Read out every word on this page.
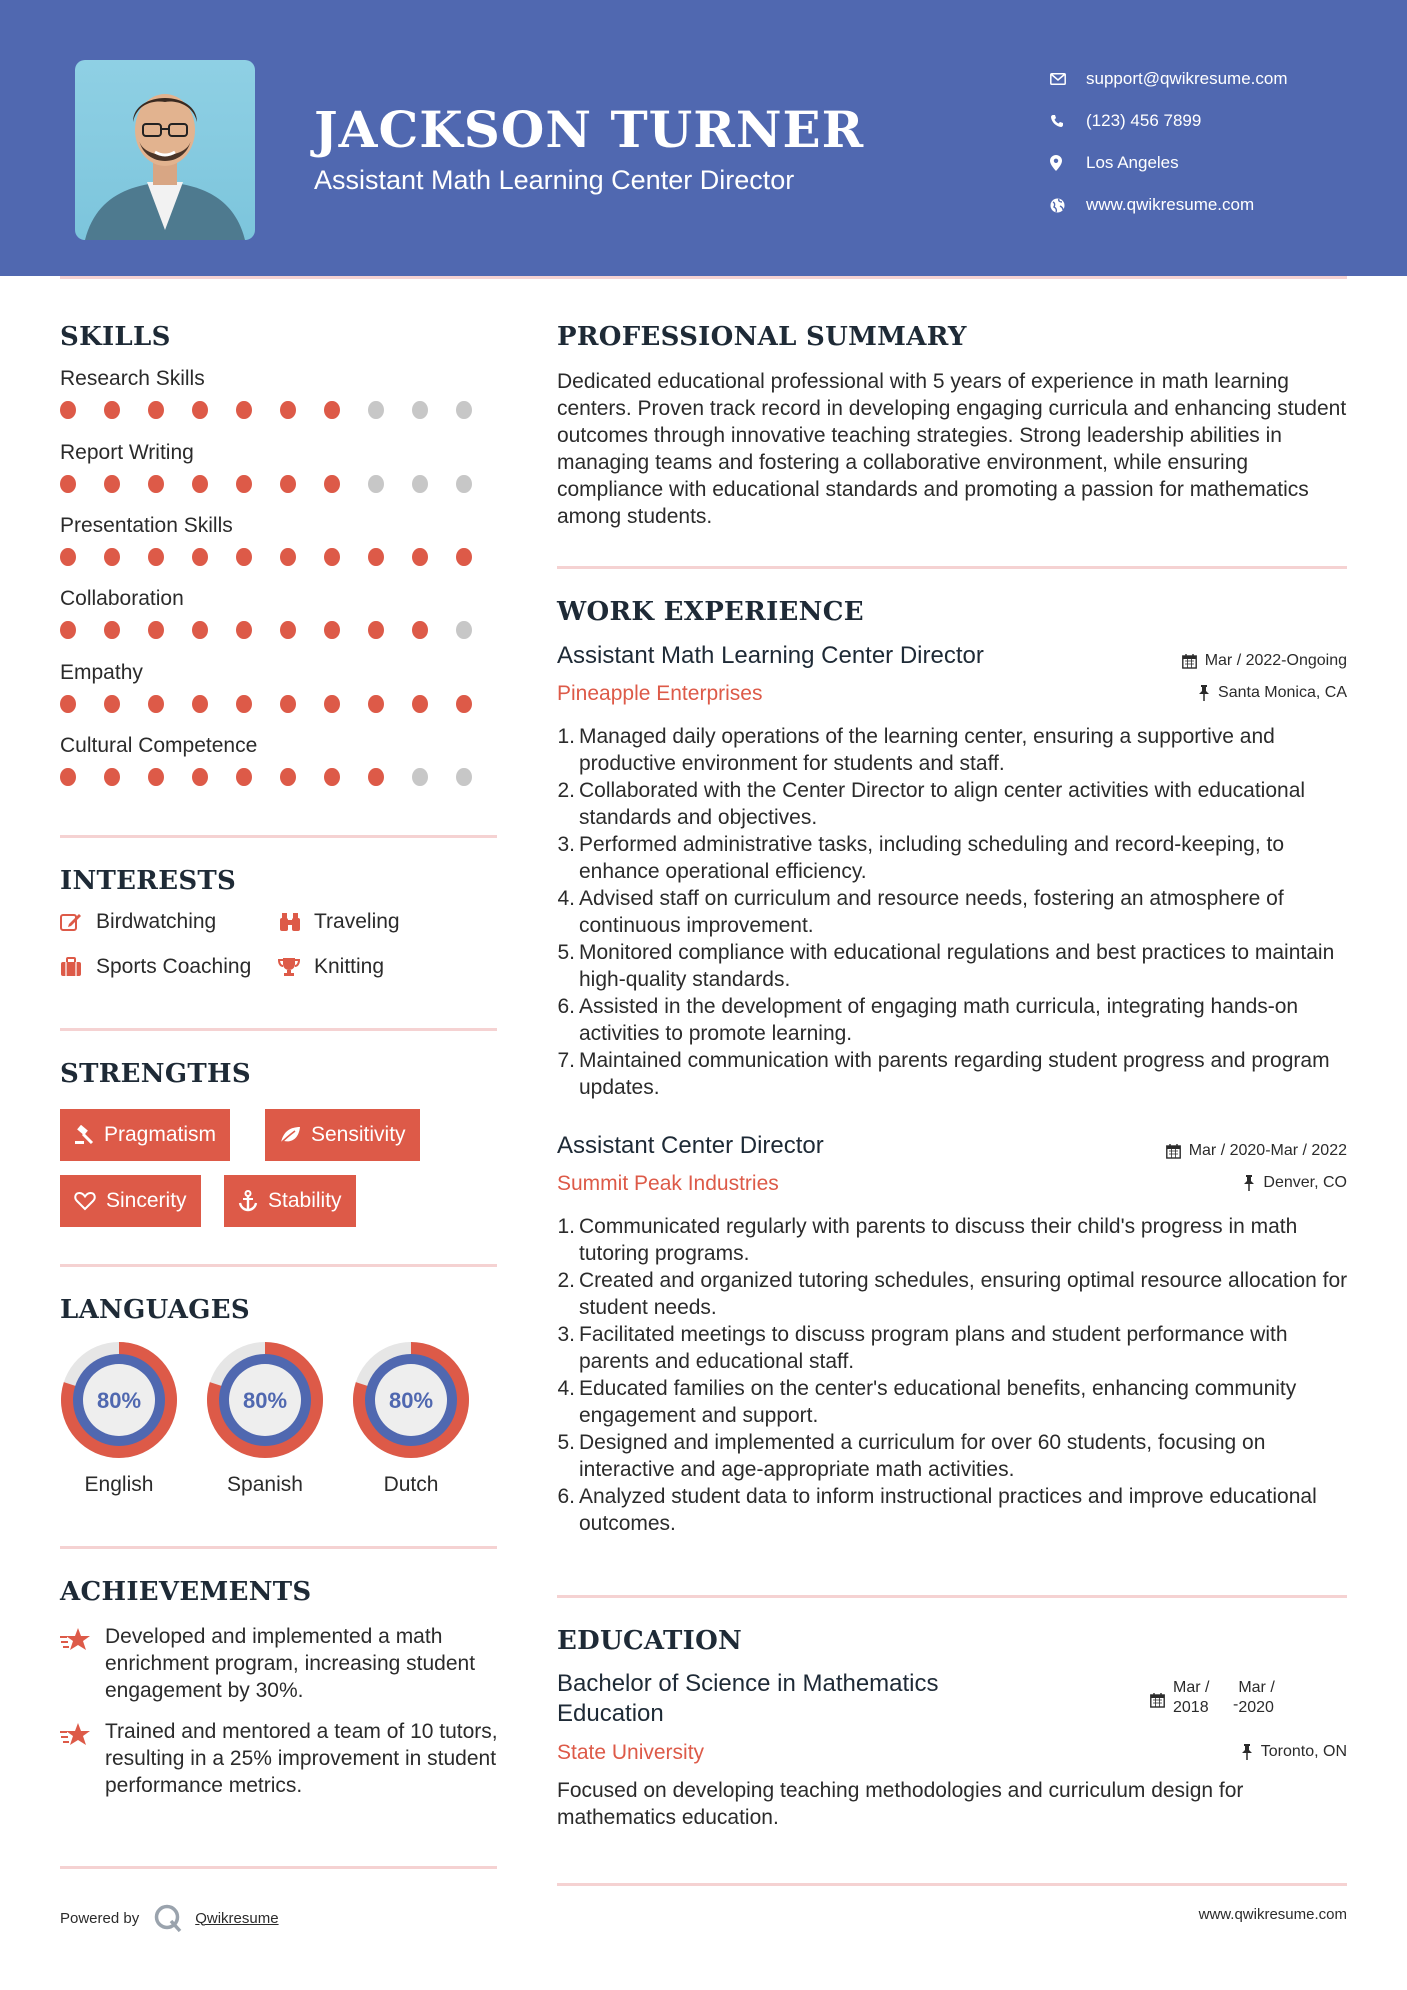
JACKSON TURNER
Assistant Math Learning Center Director
support@qwikresume.com
(123) 456 7899
Los Angeles
www.qwikresume.com
SKILLS
Research Skills
Report Writing
Presentation Skills
Collaboration
Empathy
Cultural Competence
INTERESTS
Birdwatching	Traveling
Sports Coaching	Knitting
STRENGTHS
Pragmatism	Sensitivity
Sincerity	Stability
LANGUAGES
80%
English
80%
Spanish
80%
Dutch
ACHIEVEMENTS
Developed and implemented a math enrichment program, increasing student engagement by 30%.
Trained and mentored a team of 10 tutors, resulting in a 25% improvement in student performance metrics.
PROFESSIONAL SUMMARY
Dedicated educational professional with 5 years of experience in math learning centers. Proven track record in developing engaging curricula and enhancing student outcomes through innovative teaching strategies. Strong leadership abilities in managing teams and fostering a collaborative environment, while ensuring compliance with educational standards and promoting a passion for mathematics among students.
WORK EXPERIENCE
Assistant Math Learning Center Director	Mar / 2022-Ongoing
Pineapple Enterprises	Santa Monica, CA
1 . Managed daily operations of the learning center, ensuring a supportive and productive environment for students and staff.
2 . Collaborated with the Center Director to align center activities with educational standards and objectives.
3 . Performed administrative tasks, including scheduling and record-keeping, to enhance operational efficiency.
4 . Advised staff on curriculum and resource needs, fostering an atmosphere of continuous improvement.
5 . Monitored compliance with educational regulations and best practices to maintain high-quality standards.
6 . Assisted in the development of engaging math curricula, integrating hands-on activities to promote learning.
7 . Maintained communication with parents regarding student progress and program updates.
Assistant Center Director	Mar / 2020-Mar / 2022
Summit Peak Industries	Denver, CO
1 . Communicated regularly with parents to discuss their child's progress in math tutoring programs.
2 . Created and organized tutoring schedules, ensuring optimal resource allocation for student needs.
3 . Facilitated meetings to discuss program plans and student performance with parents and educational staff.
4 . Educated families on the center's educational benefits, enhancing community engagement and support.
5 . Designed and implemented a curriculum for over 60 students, focusing on interactive and age-appropriate math activities.
6 . Analyzed student data to inform instructional practices and improve educational outcomes.
EDUCATION
Bachelor of Science in Mathematics
Education
Mar /
2018	-
Mar /
2020
State University	Toronto, ON
Focused on developing teaching methodologies and curriculum design for mathematics education.
Powered by	Qwikresume	www.qwikresume.com
